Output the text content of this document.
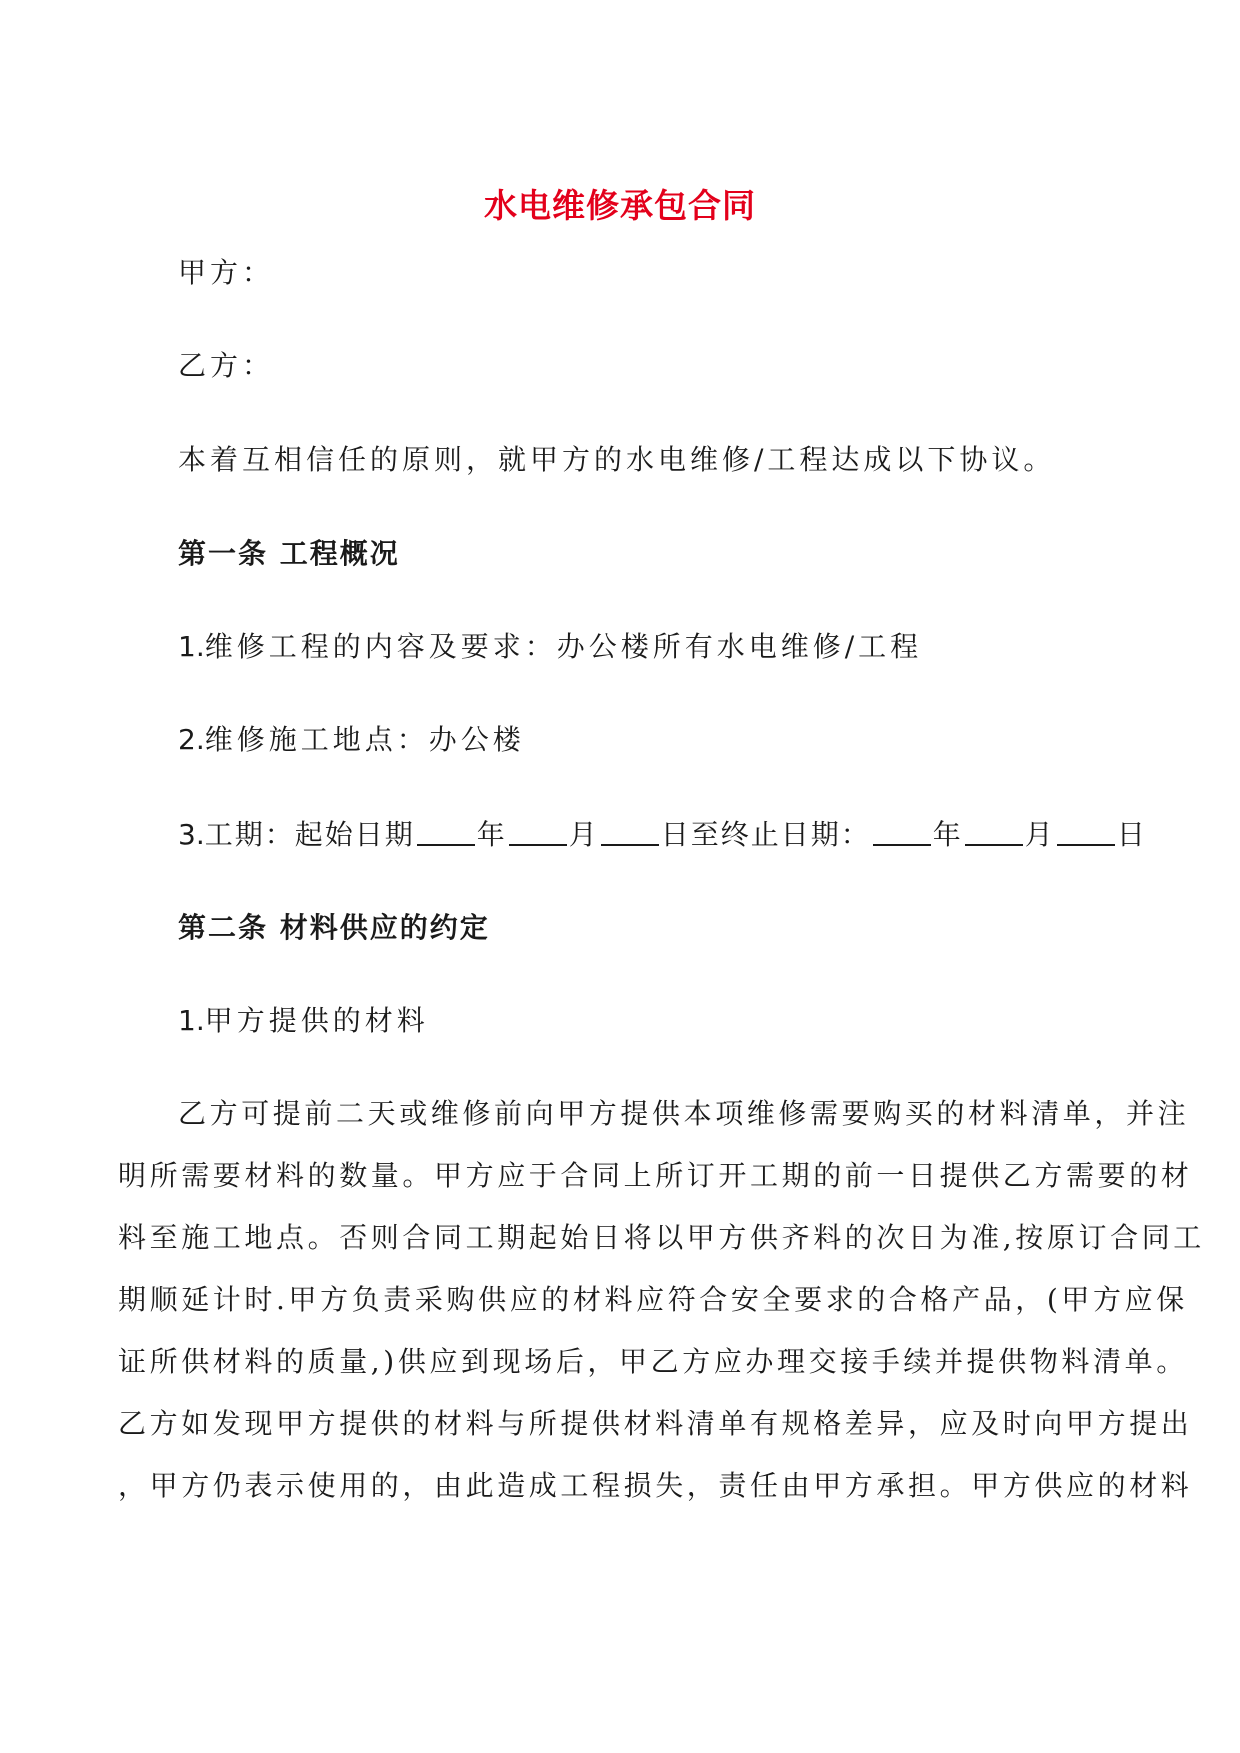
水电维修承包合同
甲方：
乙方：
本着互相信任的原则，就甲方的水电维修/工程达成以下协议。
第一条 工程概况
1.维修工程的内容及要求：办公楼所有水电维修/工程
2.维修施工地点：办公楼
3.工期：起始日期 年 月 日至终止日期： 年 月 日
第二条 材料供应的约定
1.甲方提供的材料
乙方可提前二天或维修前向甲方提供本项维修需要购买的材料清单，并注
明所需要材料的数量。甲方应于合同上所订开工期的前一日提供乙方需要的材
料至施工地点。否则合同工期起始日将以甲方供齐料的次日为准,按原订合同工
期顺延计时.甲方负责采购供应的材料应符合安全要求的合格产品，(甲方应保
证所供材料的质量,)供应到现场后，甲乙方应办理交接手续并提供物料清单。
乙方如发现甲方提供的材料与所提供材料清单有规格差异，应及时向甲方提出
，甲方仍表示使用的，由此造成工程损失，责任由甲方承担。甲方供应的材料
